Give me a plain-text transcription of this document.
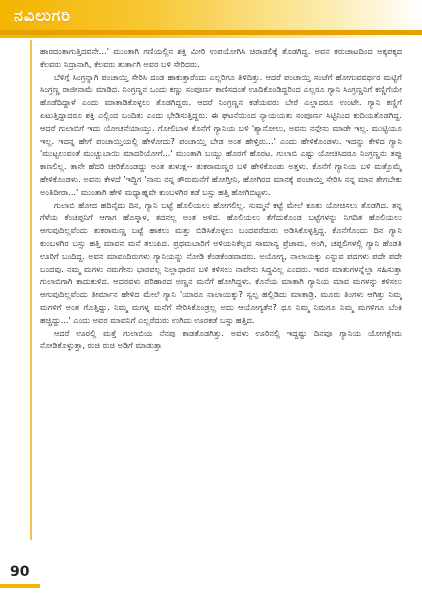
ನವಿಲುಗರಿ

ಹಾರದಂತಾಗುತ್ತಿದವನೇ...' ಮುಂತಾಗಿ ಗಣಿಯಲ್ಲಿನ ಶಕ್ತಿ ಮೀರಿ ಉಪಯೋಗಿಸಿ ಚಿರಾಡಲಿಕ್ಕೆ ತೊಡಗಿದ್ದ. ಅವನ ಕರುಚಾಟದಿಂದ ಅಕ್ಕಪಕ್ಕದ ಕೆಲವರು ನಿದ್ರಾನಾಗಿ, ಕೆಲವರು ತುರ್ತಾಗಿ ಅವರ ಬಳಿ ಸೇರಿದರು.

ಬೆಳಿಗ್ಗೆ ಸಿಂಗ್ರನ್ನಾಗಿ ಪಂಚಾಯ್ತಿ ಸೇರಿಸಿ ದಂಡ ಹಾಕುತ್ತಾರೆಂದು ಎಲ್ಲರಿಗೂ ತಿಳಿದಿತ್ತು. ಆದರೆ ಪಂಚಾಯ್ತಿ ಸಂಜೆಗೆ ಹೋಗುವವರ್ಥರ ಮಟ್ಟಿಗೆ ಸಿಂಗ್ರಣ್ಣ ರಾಜೀನಾಮೆ ಮಾಡಿದ. ನಿಂಗ್ರಣ್ಣನ ಒಂದು ಕಣ್ಣು ಸಂಪೂರ್ಣ ಕಾಣಿಸದಂತೆ ಊದಿಕೊಂಡಿದ್ದರಿಂದ ಎಲ್ಲರೂ ಗ್ಯಾನಿ ಸಿಂಗ್ರಣ್ಣನಿಗೆ ಕಣ್ಣಿಗೆಯೇ ಹೊಡೆದಿದ್ದಾಳೆ ಎಂದು ಮಾತಾಡಿಕೊಳ್ಳಲು ತೊಡಗಿದ್ದರು. ಆದರೆ ನಿಂಗ್ರಣ್ಣನ ಕಡೆಯವರು ಬೇರೆ ಎಲ್ಲಾದರೂ ಉಂಟೇ. ಗ್ಯಾನಿ ಕಣ್ಣಿಗೆ ಏಟುತ್ತಿದ್ದಾದರೂ ಶಕ್ತಿ ಎಲ್ಲಿಂದ ಬಂದಿತು ಎಂದು ಭೇಡಿಸುತ್ತಿದ್ದರು. ಈ ಘಟನೆಯಿಂದ ನ್ಯಾಯಯತು ಸಂಪೂರ್ಣ ಸಿಟ್ಟಿನಿಂದ ಕುದಿಯತೊಡಗಿದ್ದ. ಆದರೆ ಗುಲಾಬಿಗೆ ಇದು ಯೋಚನೆಯಾಯ್ತು. ಗೋಲಿಬಾಳ ಕೊನೆಗೆ ಗ್ಯಾನಿಯ ಬಳಿ 'ಶ್ಯಾನೋಲು, ಅವನು ನನ್ಗೇನು ಮಾಡೇ ಇಲ್ಲ. ಮುಟ್ಟಿಯೂ ಇಲ್ಲ. ಇದನ್ನ ಹೇಗೆ ಪಂಚಾಯ್ತಿಯಲ್ಲಿ ಹೇಳೋದು? ಪಂಚಾಯ್ತಿ ಬೇಡ ಅಂತ ಹೇಳ್ತಿರು...' ಎಂದು ಹೇಳಿಕೊಂಡಳು. ಇದನ್ನು ಕೇಳಿದ ಗ್ಯಾನಿ 'ಮುಟ್ಟಲುವಂತೆ ಮುಚ್ಚುಬಾಯಿ ಮಾದರಿಯೋಗೆ...' ಮುಂತಾಗಿ ಬಯ್ದು ಹೊರಗೆ ಹೊರಟ. ಗುಲಾಬಿ ಎಷ್ಟು ಯೋಚಿಸಿದರೂ ನಿಂಗ್ರಣ್ಣನು ತಪ್ಪು ಕಾಣಲಿಲ್ಲ. ತಾನೇ ಹೆದರಿ ಚೀರಿಕೊಂಡದ್ದು ಅಂತ ತುಳುಕ್ಷ-- ತುಕರಾಮಣ್ಣರ ಬಳಿ ಹೇಳಿಕೊಂಡು ಅತ್ತಳು. ಕೊನೆಗೆ ಗ್ಯಾನಿಯ ಬಳಿ ಮತ್ತೊಮ್ಮೆ ಹೇಳಿಕೊಂಡಳು. ಅವನು ಕೇಳದೆ 'ಇದ್ದಿಗ 'ನಾನು ನನ್ನ ತೌರುಮನೆಗೆ ಹೋಗ್ತೀನಿ, ಹೋಗಿರದ ಮಾನಕ್ಕೆ ಪಂಚಾಯ್ತಿ ಸೇರಿಸಿ ನನ್ನ ಮಾನ ತೇಗಬೇಕು ಅಂತಿದೀರಾ...' ಮುಂತಾಗಿ ಹೇಳಿ ಮಧ್ಯಾಹ್ನವೇ ಕುಂಬಳಗಿರ ಕಡೆ ಬಸ್ಸು ಹತ್ತಿ ಹೋಗಿಬಿಟ್ಟಳು.

ಗುಲಾಬಿ ಹೋದ ಹದಿನೈದು ದಿನ, ಗ್ಯಾನಿ ಬಟ್ಟೆ ಹೊಲಿಯಲು ಹೋಗಲಿಲ್ಲ. ಸುಮ್ಮನೆ ಕಟ್ಟೆ ಮೇಲೆ ಕೂತು ಯೋಚಿಸಲು ತೊಡಗಿದ. ತನ್ನ ಗೆಳೆಯ ಕೆಂಚಪ್ಪನಿಗೆ ಆಗಾಗ ಹೊಸ್ಕಾಳ, ತದನಲ್ಲ ಅಂತ ಅಳಿದ. ಹೊಲಿಯಲು ತೆಗೆದುಕೊಂಡ ಬಟ್ಟೆಗಳನ್ನು ನಿಗದಿತ ಹೊಲಿಯಲು ಆಗುವುದಿಲ್ಲವೆಂದು ತುಕರಾಮಣ್ಣ ಬಟ್ಟೆ ಹಾಕಲು ಮತ್ತು ಬಿಡಿಸಿಕೊಳ್ಳಲು ಬಂದವರೆದುರು ಅಡಿಸಿಕೊಳ್ಳತ್ತಿದ್ದ. ಕೊನೆಗೊಂದು ದಿನ ಗ್ಯಾನಿ ಕುಂಬಳಗಿರ ಬಸ್ಸು ಹತ್ತಿ ಮಾವನ ಮನೆ ತಲುಪಿದ. ಪ್ರಥಮಬಾರಿಗೆ ಅಳಿಯನಿಕೆಲ್ಲದ ಸಾಮಾನ್ಯ ಪ್ರೆಜಾಮ, ಅಂಗಿ, ಚಪ್ಪಲಿಗಳಲ್ಲಿ ಗ್ಯಾನಿ ಹೆಂಡತಿ ಊರಿಗೆ ಬಂದಿದ್ದ. ಅವನ ಮಾವಂದಿರುಗಳು ಗ್ಯಾನಿಯನ್ನು ನೋಡಿ ಕೆಂಡಕೆಂಡವಾದರು. ಅಯೋಗ್ಯ, ನಾಲಾಯಕ್ಕು ಎನ್ನುವ ಪದಗಳು ಪದೇ ಪದೇ ಬಂದವು. ನಮ್ಮ ಮಗಳು ನಮಗೇನು ಭಾರವಲ್ಲ ನಿಲ್ಲಾಧಾರನ ಬಳಿ ಕಳಿಸಲು ನಾವೇನು ಸಿದ್ಧವಿಲ್ಲ ಎಂದರು. ಇವರ ಮಾತುಗಳನ್ನೆಲ್ಲಾ ಸಹಿಸುತ್ತಾ ಗುಲಾಬಿಗಾಗಿ ಕಾದುಕುಳಿದ. ಆದರವಳು ಪರಿಹಾರದ ಅಣ್ಣನ ಮನೆಗೆ ಹೋಗಿದ್ದಳು. ಕೊನೆಯ ಮಾತಾಗಿ ಗ್ಯಾನಿಯ ಮಾವ ಮಗಳನ್ನು ಕಳಿಸಲು ಆಗುವುದಿಲ್ಲವೆಂದು ತೀರ್ಮಾನ ಹೇಳಿದ ಮೇಲೆ ಗ್ಯಾನಿ 'ಯಾರೂ ನಾಲಾಯಕ್ಕು? ಸ್ವಲ್ಪ ಹಲ್ಲಿಡಿದು ಮಾತಾಡ್ರಿ. ಮೂರು ತಿಂಗಳು ಆಗಿತ್ತು ನಿಮ್ಮ ಮಗಳಿಗೆ ಅಂತ ಗೊತ್ತಿದ್ದು. ನಿಮ್ಮ ಮಗಳ್ನ ಮನೆಗೆ ಸೇರಿಸಿಕೊಂಡ್ರಲ್ಲ ಅದು ಆಯೋಗ್ಯತೆನ? ಥೂ ನಿಮ್ಮ ನಿಮಗೂ ನಿಮ್ಮ ಮಗಳಿಗೂ ಬೆಂಕಿ ಹಚ್ಚಿದ್ದು...' ಎಂದು ಅವರ ಮಾವನಿಗೆ ಎಲ್ಲರೆದುರು ಉಗಿದು ಊರಕಡೆ ಬಸ್ಸು ಹತ್ತಿದ.

ಆದರೆ ಊರಲ್ಲಿ ಮತ್ತೆ ಗುಲಾಬಿಯ ನೆನಪು ಕಾಡತೊಡಗಿತ್ತು. ಅವಳು ಊರಿನಲ್ಲಿ ಇದ್ದಷ್ಟು ದಿನವೂ ಗ್ಯಾನಿಯ ಯೋಗಕ್ಷೇಮ ನೋಡಿಕೊಳ್ಳುತ್ತಾ, ರುಚಿ ರುಚಿ ಅಡಿಗೆ ಮಾಡುತ್ತಾ

90
